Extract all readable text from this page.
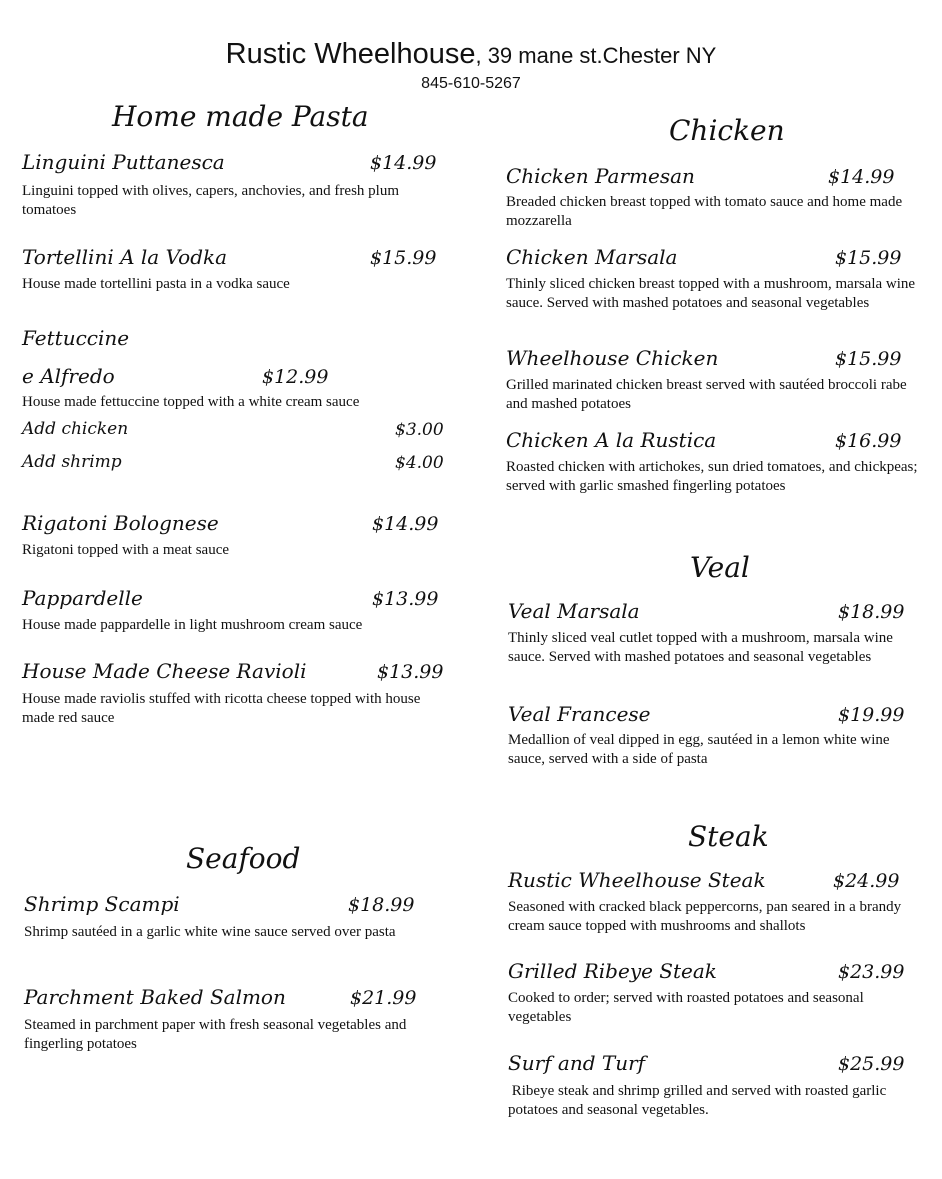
Rustic Wheelhouse, 39 mane st.Chester NY
845-610-5267
Home made Pasta
Linguini Puttanesca	$14.99
Linguini topped with olives, capers, anchovies, and fresh plum tomatoes
Tortellini A la Vodka	$15.99
House made tortellini pasta in a vodka sauce
Fettuccine
e Alfredo	$12.99
House made fettuccine topped with a white cream sauce
Add chicken	$3.00
Add shrimp	$4.00
Rigatoni Bolognese	$14.99
Rigatoni topped with a meat sauce
Pappardelle	$13.99
House made pappardelle in light mushroom cream sauce
House Made Cheese Ravioli	$13.99
House made raviolis stuffed with ricotta cheese topped with house made red sauce
Seafood
Shrimp Scampi	$18.99
Shrimp sautéed in a garlic white wine sauce served over pasta
Parchment Baked Salmon	$21.99
Steamed in parchment paper with fresh seasonal vegetables and fingerling potatoes
Chicken
Chicken Parmesan	$14.99
Breaded chicken breast topped with tomato sauce and home made mozzarella
Chicken Marsala	$15.99
Thinly sliced chicken breast topped with a mushroom, marsala wine sauce. Served with mashed potatoes and seasonal vegetables
Wheelhouse Chicken	$15.99
Grilled marinated chicken breast served with sautéed broccoli rabe and mashed potatoes
Chicken A la Rustica	$16.99
Roasted chicken with artichokes, sun dried tomatoes, and chickpeas; served with garlic smashed fingerling potatoes
Veal
Veal Marsala	$18.99
Thinly sliced veal cutlet topped with a mushroom, marsala wine sauce. Served with mashed potatoes and seasonal vegetables
Veal Francese	$19.99
Medallion of veal dipped in egg, sautéed in a lemon white wine sauce, served with a side of pasta
Steak
Rustic Wheelhouse Steak	$24.99
Seasoned with cracked black peppercorns, pan seared in a brandy cream sauce topped with mushrooms and shallots
Grilled Ribeye Steak	$23.99
Cooked to order; served with roasted potatoes and seasonal vegetables
Surf and Turf	$25.99
Ribeye steak and shrimp grilled and served with roasted garlic potatoes and seasonal vegetables.
